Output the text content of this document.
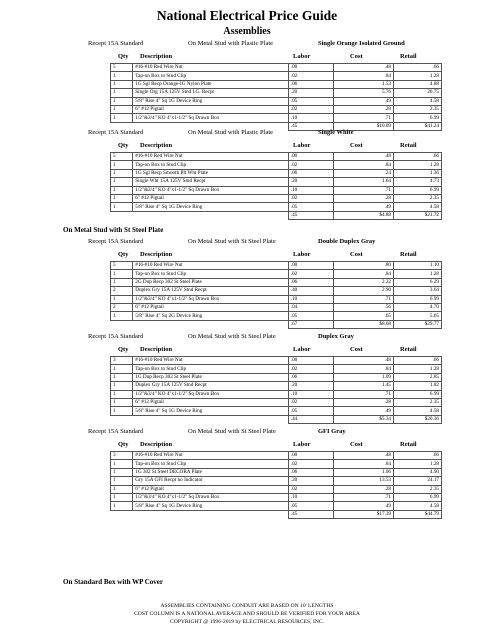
National Electrical Price Guide
Assemblies
On Metal Stud with St Steel Plate
On Standard Box with WP Cover
Recept 15A Standard	On Metal Stud with Plastic Plate	Single Orange Isolated Ground
Qty Description	Labor	Cost	Retail
5	#16-#10 Red Wire Nut	.00	.48	.66
1	Tap-on Box to Stud Clip	.02	.84	1.28
1	1G Sgl Recp Orange-IG Nylon Plate	.06	1.53	4.88
1	Single Org 15A 125V Stnd I.G. Recpt	.20	5.76	20.75
1	5/8" Rise 4" Sq 1G Device Ring	.05	.49	4.58
1	6" #12 Pigtail	.02	.28	2.35
1	1/2"&3/4" KO 4"x1-1/2" Sq Drawn Box	.10	.71	6.99
		.45	$10.09	$41.24
Recept 15A Standard	On Metal Stud with Plastic Plate	Single White
Qty Description	Labor	Cost	Retail
5	#16-#10 Red Wire Nut	.00	.48	.66
1	Tap-on Box to Stud Clip	.02	.84	1.28
1	1G Sgl Recp Smooth Plt Wht Plate	.06	.24	1.36
1	Single Wht 15A 125V Stnd Recpt	.20	1.64	4.73
1	1/2"&3/4" KO 4"x1-1/2" Sq Drawn Box	.10	.71	6.99
1	6" #12 Pigtail	.02	.28	2.35
1	5/8" Rise 4" Sq 1G Device Ring	.05	.49	4.58
		.45	$4.88	$21.72
Recept 15A Standard	On Metal Stud with St Steel Plate	Double Duplex Gray
Qty Description	Labor	Cost	Retail
5	#16-#10 Red Wire Nut	.00	.80	1.10
1	Tap-on Box to Stud Clip	.02	.84	1.28
1	2G Dup Recp 302 St Steel Plate	.06	2.22	6.29
2	Duplex Gry 15A 125V Stnd Recpt	.40	2.90	3.64
1	1/2"&3/4" KO 4"x1-1/2" Sq Drawn Box	.10	.71	6.99
2	6" #12 Pigtail	.04	.56	4.70
1	5/8" Rise 4" Sq 2G Device Ring	.05	.65	5.65
		.67	$8.68	$29.77
Recept 15A Standard	On Metal Stud with St Steel Plate	Duplex Gray
Qty Description	Labor	Cost	Retail
3	#16-#10 Red Wire Nut	.00	.48	.66
1	Tap-on Box to Stud Clip	.02	.84	1.28
1	1G Dup Recp 302 St Steel Plate	.06	1.09	2.85
1	Duplex Gry 15A 125V Stnd Recpt	.20	1.45	1.82
1	1/2"&3/4" KO 4"x1-1/2" Sq Drawn Box	.10	.71	6.99
1	6" #12 Pigtail	.02	.28	2.35
1	5/8" Rise 4" Sq 1G Device Ring	.05	.49	4.58
		.44	$5.34	$20.36
Recept 15A Standard	On Metal Stud with St Steel Plate	GFI Gray
Qty Description	Labor	Cost	Retail
3	#16-#10 Red Wire Nut	.00	.48	.66
1	Tap-on Box to Stud Clip	.02	.84	1.28
1	1G 302 St Steel DECORA Plate	.06	1.06	4.90
1	Gry 15A GFI Recpt no Indicator	.20	13.53	24.17
1	6" #12 Pigtail	.02	.28	2.35
1	1/2"&3/4" KO 4"x1-1/2" Sq Drawn Box	.10	.71	6.99
1	5/8" Rise 4" Sq 1G Device Ring	.05	.49	4.58
		.45	$17.39	$44.79
ASSEMBLIES CONTAINING CONDUIT ARE BASED ON 10' LENGTHS
COST COLUMN IS A NATIONAL AVERAGE AND SHOULD BE VERIFIED FOR YOUR AREA
COPYRIGHT @ 1996-2019 by ELECTRICAL RESOURCES, INC.
